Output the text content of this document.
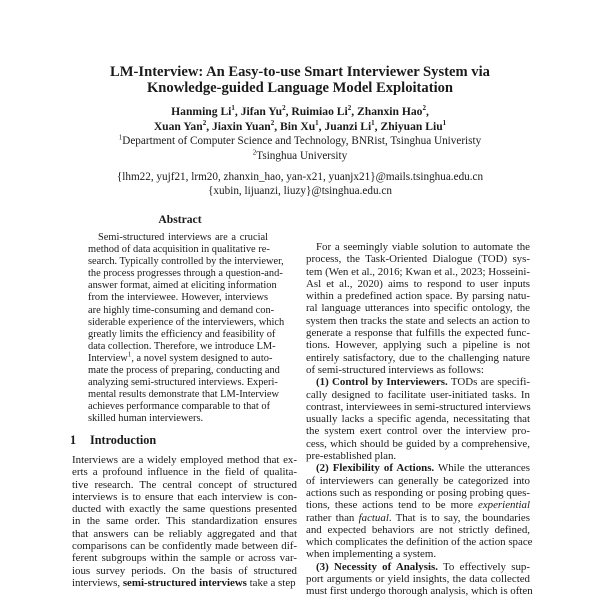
LM-Interview: An Easy-to-use Smart Interviewer System via
Knowledge-guided Language Model Exploitation
Hanming Li$^1$, Jifan Yu$^2$, Ruimiao Li$^2$, Zhanxin Hao$^2$,
Xuan Yan$^2$, Jiaxin Yuan$^2$, Bin Xu$^1$, Juanzi Li$^1$, Zhiyuan Liu$^1$
$^1$Department of Computer Science and Technology, BNRist, Tsinghua Univeristy
$^2$Tsinghua University
{lhm22, yujf21, lrm20, zhanxin_hao, yan-x21, yuanjx21}@mails.tsinghua.edu.cn
{xubin, lijuanzi, liuzy}@tsinghua.edu.cn
Abstract
Semi-structured interviews are a crucial
method of data acquisition in qualitative re-
search. Typically controlled by the interviewer,
the process progresses through a question-and-
answer format, aimed at eliciting information
from the interviewee. However, interviews
are highly time-consuming and demand con-
siderable experience of the interviewers, which
greatly limits the efficiency and feasibility of
data collection. Therefore, we introduce LM-
Interview$^1$, a novel system designed to auto-
mate the process of preparing, conducting and
analyzing semi-structured interviews. Experi-
mental results demonstrate that LM-Interview
achieves performance comparable to that of
skilled human interviewers.
1 Introduction
Interviews are a widely employed method that ex-
erts a profound influence in the field of qualita-
tive research. The central concept of structured
interviews is to ensure that each interview is con-
ducted with exactly the same questions presented
in the same order. This standardization ensures
that answers can be reliably aggregated and that
comparisons can be confidently made between dif-
ferent subgroups within the sample or across var-
ious survey periods. On the basis of structured
interviews, semi-structured interviews take a step
For a seemingly viable solution to automate the
process, the Task-Oriented Dialogue (TOD) sys-
tem (Wen et al., 2016; Kwan et al., 2023; Hosseini-
Asl et al., 2020) aims to respond to user inputs
within a predefined action space. By parsing natu-
ral language utterances into specific ontology, the
system then tracks the state and selects an action to
generate a response that fulfills the expected func-
tions. However, applying such a pipeline is not
entirely satisfactory, due to the challenging nature
of semi-structured interviews as follows:
(1) Control by Interviewers. TODs are specifi-
cally designed to facilitate user-initiated tasks. In
contrast, interviewees in semi-structured interviews
usually lacks a specific agenda, necessitating that
the system exert control over the interview pro-
cess, which should be guided by a comprehensive,
pre-established plan.
(2) Flexibility of Actions. While the utterances
of interviewers can generally be categorized into
actions such as responding or posing probing ques-
tions, these actions tend to be more experiential
rather than factual. That is to say, the boundaries
and expected behaviors are not strictly defined,
which complicates the definition of the action space
when implementing a system.
(3) Necessity of Analysis. To effectively sup-
port arguments or yield insights, the data collected
must first undergo thorough analysis, which is often
